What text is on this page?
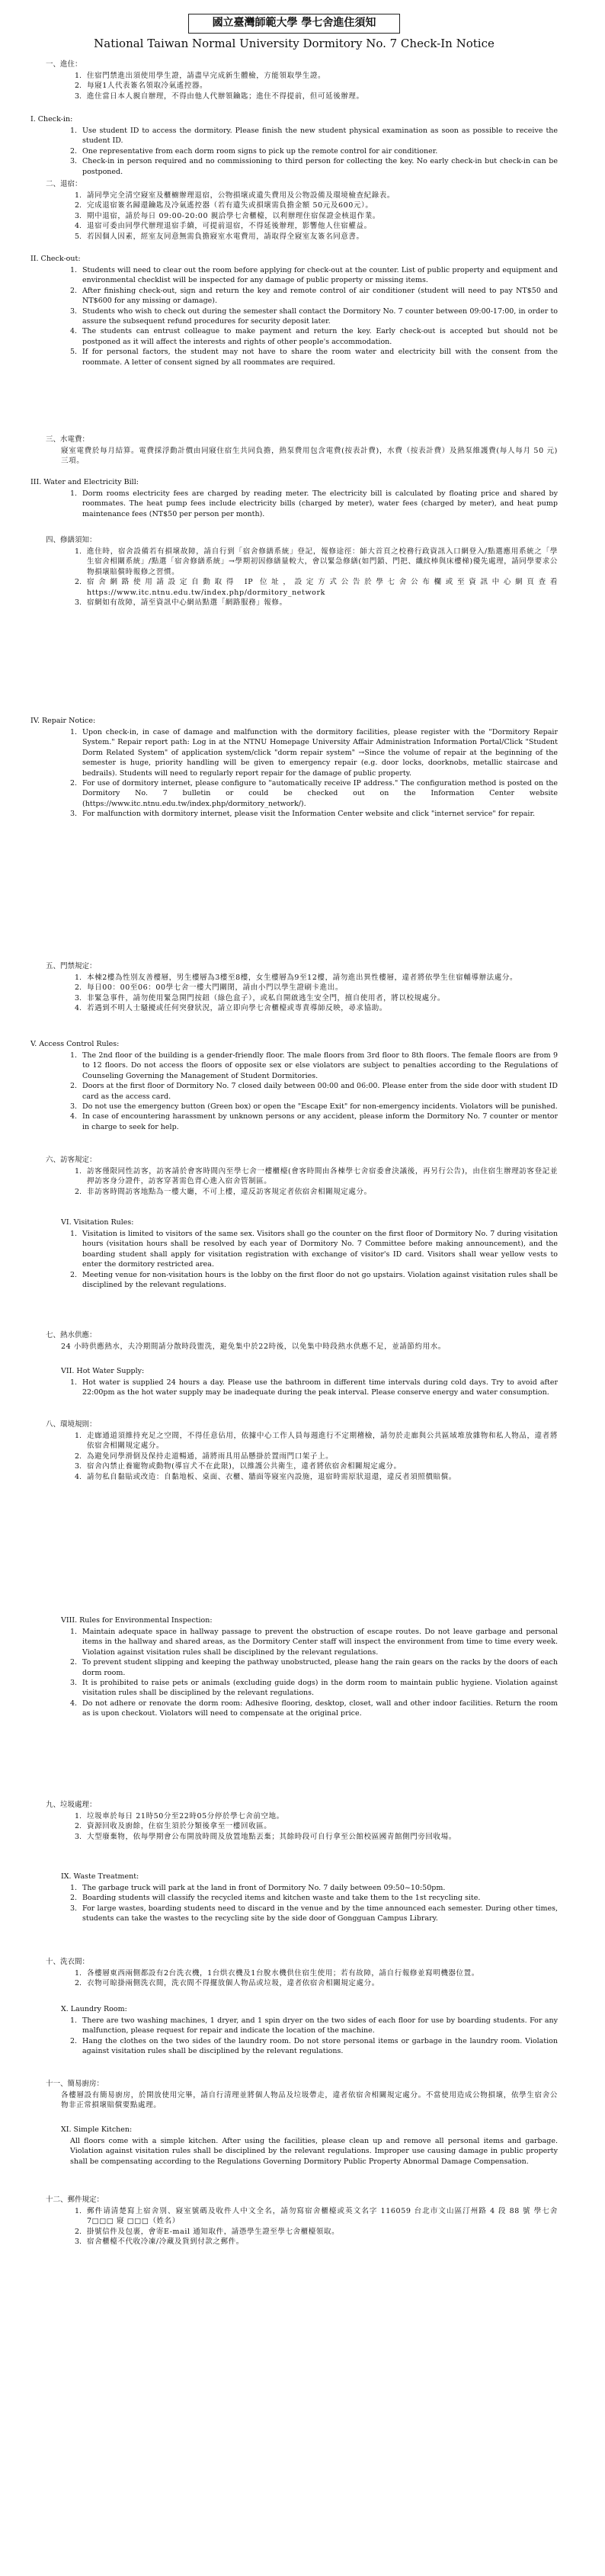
國立臺灣師範大學 學七舍進住須知
National Taiwan Normal University Dormitory No. 7 Check-In Notice
一、進住：
1. 住宿門禁進出須使用學生證，請盡早完成新生體檢，方能領取學生證。
2. 每寢1人代表簽名領取冷氣遙控器。
3. 進住當日本人親自辦理，不得由他人代辦領鑰匙；進住不得提前，但可延後辦理。
I. Check-in:
1. Use student ID to access the dormitory. Please finish the new student physical examination as soon as possible to receive the student ID.
2. One representative from each dorm room signs to pick up the remote control for air conditioner.
3. Check-in in person required and no commissioning to third person for collecting the key. No early check-in but check-in can be postponed.
二、退宿：
1. 請同學完全清空寢室及櫃櫥辦理退宿，公物損壞或遺失費用及公物設備及環境檢查紀錄表。
2. 完成退宿簽名歸還鑰匙及冷氣遙控器（若有遺失或損壞需負擔金額 50元及600元）。
3. 期中退宿，請於每日 09:00-20:00 親洽學七舍櫃檯，以利辦理住宿保證金核退作業。
4. 退宿可委由同學代辦理退宿手續，可提前退宿，不得延後辦理，影響他人住宿權益。
5. 若因個人因素，經室友同意無需負擔寢室水電費用，請取得全寢室友簽名同意書。
II. Check-out:
1. Students will need to clear out the room before applying for check-out at the counter. List of public property and equipment and environmental checklist will be inspected for any damage of public property or missing items.
2. After finishing check-out, sign and return the key and remote control of air conditioner (student will need to pay NT$50 and NT$600 for any missing or damage).
3. Students who wish to check out during the semester shall contact the Dormitory No. 7 counter between 09:00-17:00, in order to assure the subsequent refund procedures for security deposit later.
4. The students can entrust colleague to make payment and return the key. Early check-out is accepted but should not be postponed as it will affect the interests and rights of other people's accommodation.
5. If for personal factors, the student may not have to share the room water and electricity bill with the consent from the roommate. A letter of consent signed by all roommates are required.
三、水電費：
寢室電費於每月結算。電費採浮動計價由同寢住宿生共同負擔，熱泵費用包含電費(按表計費)，水費（按表計費）及熱泵維護費(每人每月 50 元)三項。
III. Water and Electricity Bill:
1. Dorm rooms electricity fees are charged by reading meter. The electricity bill is calculated by floating price and shared by roommates. The heat pump fees include electricity bills (charged by meter), water fees (charged by meter), and heat pump maintenance fees (NT$50 per person per month).
四、修繕須知：
1. 進住時，宿舍設備若有損壞故障，請自行到「宿舍修繕系統」登記，報修途徑：師大首頁之校務行政資訊入口網登入/點選應用系統之「學生宿舍相關系統」/點選「宿舍修繕系統」→學期初因修繕量較大，會以緊急修繕(如門鎖、門把、纖紋棒與床樓梯)優先處理，請同學要求公物損壞賠償時報修之習慣。
2. 宿舍網路使用請設定自動取得 IP 位址，設定方式公告於學七舍公布欄或至資訊中心網頁查看https://www.itc.ntnu.edu.tw/index.php/dormitory_network
3. 宿網如有故障，請至資訊中心網站點選「網路服務」報修。
IV. Repair Notice:
1. Upon check-in, in case of damage and malfunction with the dormitory facilities, please register with the "Dormitory Repair System." Repair report path: Log in at the NTNU Homepage University Affair Administration Information Portal/Click "Student Dorm Related System" of application system/click "dorm repair system" →Since the volume of repair at the beginning of the semester is huge, priority handling will be given to emergency repair (e.g. door locks, doorknobs, metallic staircase and bedrails). Students will need to regularly report repair for the damage of public property.
2. For use of dormitory internet, please configure to "automatically receive IP address." The configuration method is posted on the Dormitory No. 7 bulletin or could be checked out on the Information Center website (https://www.itc.ntnu.edu.tw/index.php/dormitory_network/).
3. For malfunction with dormitory internet, please visit the Information Center website and click "internet service" for repair.
五、門禁規定：
1. 本棟2樓為性別友善樓層，男生樓層為3樓至8樓，女生樓層為9至12樓，請勿進出異性樓層，違者將依學生住宿輔導辦法處分。
2. 每日00：00至06：00學七舍一樓大門關閉，請由小門以學生證刷卡進出。
3. 非緊急事件，請勿使用緊急開門按鈕（綠色盒子），或私自開啟逃生安全門，擅自使用者，將以校規處分。
4. 若遇到不明人士騷擾或任何突發狀況，請立即向學七舍櫃檯或專責導師反映，尋求協助。
V. Access Control Rules:
1. The 2nd floor of the building is a gender-friendly floor. The male floors from 3rd floor to 8th floors. The female floors are from 9 to 12 floors. Do not access the floors of opposite sex or else violators are subject to penalties according to the Regulations of Counseling Governing the Management of Student Dormitories.
2. Doors at the first floor of Dormitory No. 7 closed daily between 00:00 and 06:00. Please enter from the side door with student ID card as the access card.
3. Do not use the emergency button (Green box) or open the "Escape Exit" for non-emergency incidents. Violators will be punished.
4. In case of encountering harassment by unknown persons or any accident, please inform the Dormitory No. 7 counter or mentor in charge to seek for help.
六、訪客規定：
1. 訪客僅限同性訪客，訪客請於會客時間內至學七舍一樓櫃檯(會客時間由各棟學七舍宿委會決議後，再另行公告)，由住宿生辦理訪客登記並押訪客身分證件，訪客穿著需色背心進入宿舍管制區。
2. 非訪客時間訪客地點為一樓大廳，不可上樓，違反訪客規定者依宿舍相關規定處分。
VI. Visitation Rules:
1. Visitation is limited to visitors of the same sex. Visitors shall go the counter on the first floor of Dormitory No. 7 during visitation hours (visitation hours shall be resolved by each year of Dormitory No. 7 Committee before making announcement), and the boarding student shall apply for visitation registration with exchange of visitor's ID card. Visitors shall wear yellow vests to enter the dormitory restricted area.
2. Meeting venue for non-visitation hours is the lobby on the first floor do not go upstairs. Violation against visitation rules shall be disciplined by the relevant regulations.
七、熱水供應：
24 小時供應熱水，夫冷期間請分散時段盥洗，避免集中於22時後，以免集中時段熱水供應不足，並請節約用水。
VII. Hot Water Supply:
1. Hot water is supplied 24 hours a day. Please use the bathroom in different time intervals during cold days. Try to avoid after 22:00pm as the hot water supply may be inadequate during the peak interval. Please conserve energy and water consumption.
八、環境規則：
1. 走廊通道須維持充足之空間，不得任意佔用，依據中心工作人員每週進行不定期稽檢，請勿於走廊與公共區域堆放雜物和私人物品，違者將依宿舍相關規定處分。
2. 為避免同學滑倒及保持走道暢通，請將雨具用品懸掛於置雨門口架子上。
3. 宿舍內禁止養寵物或動物(導盲犬不在此限)，以維護公共衛生，違者將依宿舍相關規定處分。
4. 請勿私自黏貼或改造：自黏地板、桌面、衣櫃、牆面等寢室內設施，退宿時需原狀退還，違反者須照價賠償。
VIII. Rules for Environmental Inspection:
1. Maintain adequate space in hallway passage to prevent the obstruction of escape routes. Do not leave garbage and personal items in the hallway and shared areas, as the Dormitory Center staff will inspect the environment from time to time every week. Violation against visitation rules shall be disciplined by the relevant regulations.
2. To prevent student slipping and keeping the pathway unobstructed, please hang the rain gears on the racks by the doors of each dorm room.
3. It is prohibited to raise pets or animals (excluding guide dogs) in the dorm room to maintain public hygiene. Violation against visitation rules shall be disciplined by the relevant regulations.
4. Do not adhere or renovate the dorm room: Adhesive flooring, desktop, closet, wall and other indoor facilities. Return the room as is upon checkout. Violators will need to compensate at the original price.
九、垃圾處理：
1. 垃圾車於每日 21時50分至22時05分停於學七舍前空地。
2. 資源回收及廚餘，住宿生須於分類後拿至一樓回收區。
3. 大型廢棄物，依每學期會公布開放時間及放置地點丟棄；其餘時段可自行拿至公館校區國青館側門旁回收場。
IX. Waste Treatment:
1. The garbage truck will park at the land in front of Dormitory No. 7 daily between 09:50~10:50pm.
2. Boarding students will classify the recycled items and kitchen waste and take them to the 1st recycling site.
3. For large wastes, boarding students need to discard in the venue and by the time announced each semester. During other times, students can take the wastes to the recycling site by the side door of Gongguan Campus Library.
十、洗衣間：
1. 各樓層東西兩側都設有2台洗衣機，1台烘衣機及1台脫水機供住宿生使用；若有故障，請自行報修並寫明機器位置。
2. 衣物可晾掛兩側洗衣間，洗衣間不得擺放個人物品或垃圾，違者依宿舍相關規定處分。
X. Laundry Room:
1. There are two washing machines, 1 dryer, and 1 spin dryer on the two sides of each floor for use by boarding students. For any malfunction, please request for repair and indicate the location of the machine.
2. Hang the clothes on the two sides of the laundry room. Do not store personal items or garbage in the laundry room. Violation against visitation rules shall be disciplined by the relevant regulations.
十一、簡易廚房：
各樓層設有簡易廚房，於開放使用完畢，請自行清理並將個人物品及垃圾帶走，違者依宿舍相關規定處分。不當使用造成公物損壞，依學生宿舍公物非正常損壞賠償要點處理。
XI. Simple Kitchen:
All floors come with a simple kitchen. After using the facilities, please clean up and remove all personal items and garbage. Violation against visitation rules shall be disciplined by the relevant regulations. Improper use causing damage in public property shall be compensating according to the Regulations Governing Dormitory Public Property Abnormal Damage Compensation.
十二、郵件規定：
1. 郵件请清楚寫上宿舍別、寢室號碼及收件人中文全名，請勿寫宿舍櫃檯或英文名字 116059 台北市文山區汀州路 4 段 88 號 學七舍 7□□□ 寢 □□□（姓名）
2. 掛號信件及包裹，會寄E-mail 通知取件，請憑學生證至學七舍櫃檯領取。
3. 宿舍櫃檯不代收冷凍/冷藏及貨到付款之郵件。
